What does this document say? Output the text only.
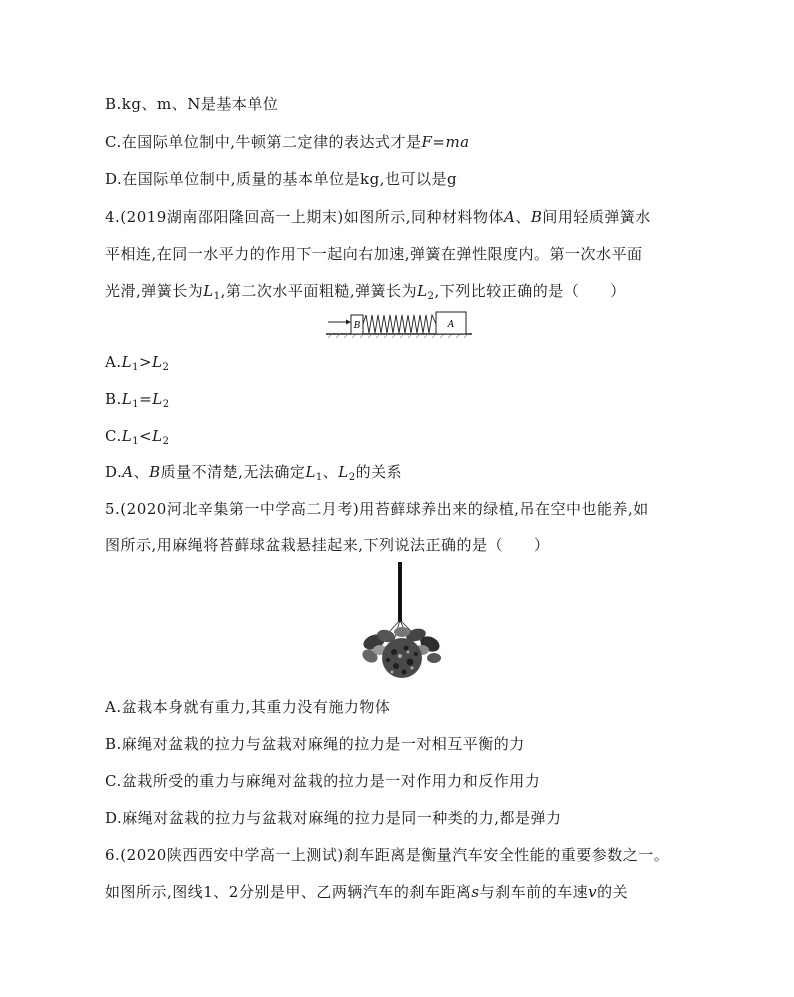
B.kg、m、N是基本单位
C.在国际单位制中,牛顿第二定律的表达式才是F=ma
D.在国际单位制中,质量的基本单位是kg,也可以是g
4.(2019湖南邵阳隆回高一上期末)如图所示,同种材料物体A、B间用轻质弹簧水
平相连,在同一水平力的作用下一起向右加速,弹簧在弹性限度内。第一次水平面
光滑,弹簧长为$L_1$,第二次水平面粗糙,弹簧长为$L_2$,下列比较正确的是（　　）
B	A
$A.L_1>L_2$
$B.L_1=L_2$
$C.L_1<L_2$
D.A、B质量不清楚,无法确定$L_1$、$L_2$的关系
5.(2020河北辛集第一中学高二月考)用苔藓球养出来的绿植,吊在空中也能养,如
图所示,用麻绳将苔藓球盆栽悬挂起来,下列说法正确的是（　　）
A.盆栽本身就有重力,其重力没有施力物体
B.麻绳对盆栽的拉力与盆栽对麻绳的拉力是一对相互平衡的力
C.盆栽所受的重力与麻绳对盆栽的拉力是一对作用力和反作用力
D.麻绳对盆栽的拉力与盆栽对麻绳的拉力是同一种类的力,都是弹力
6.(2020陕西西安中学高一上测试)刹车距离是衡量汽车安全性能的重要参数之一。
如图所示,图线1、2分别是甲、乙两辆汽车的刹车距离s与刹车前的车速v的关
